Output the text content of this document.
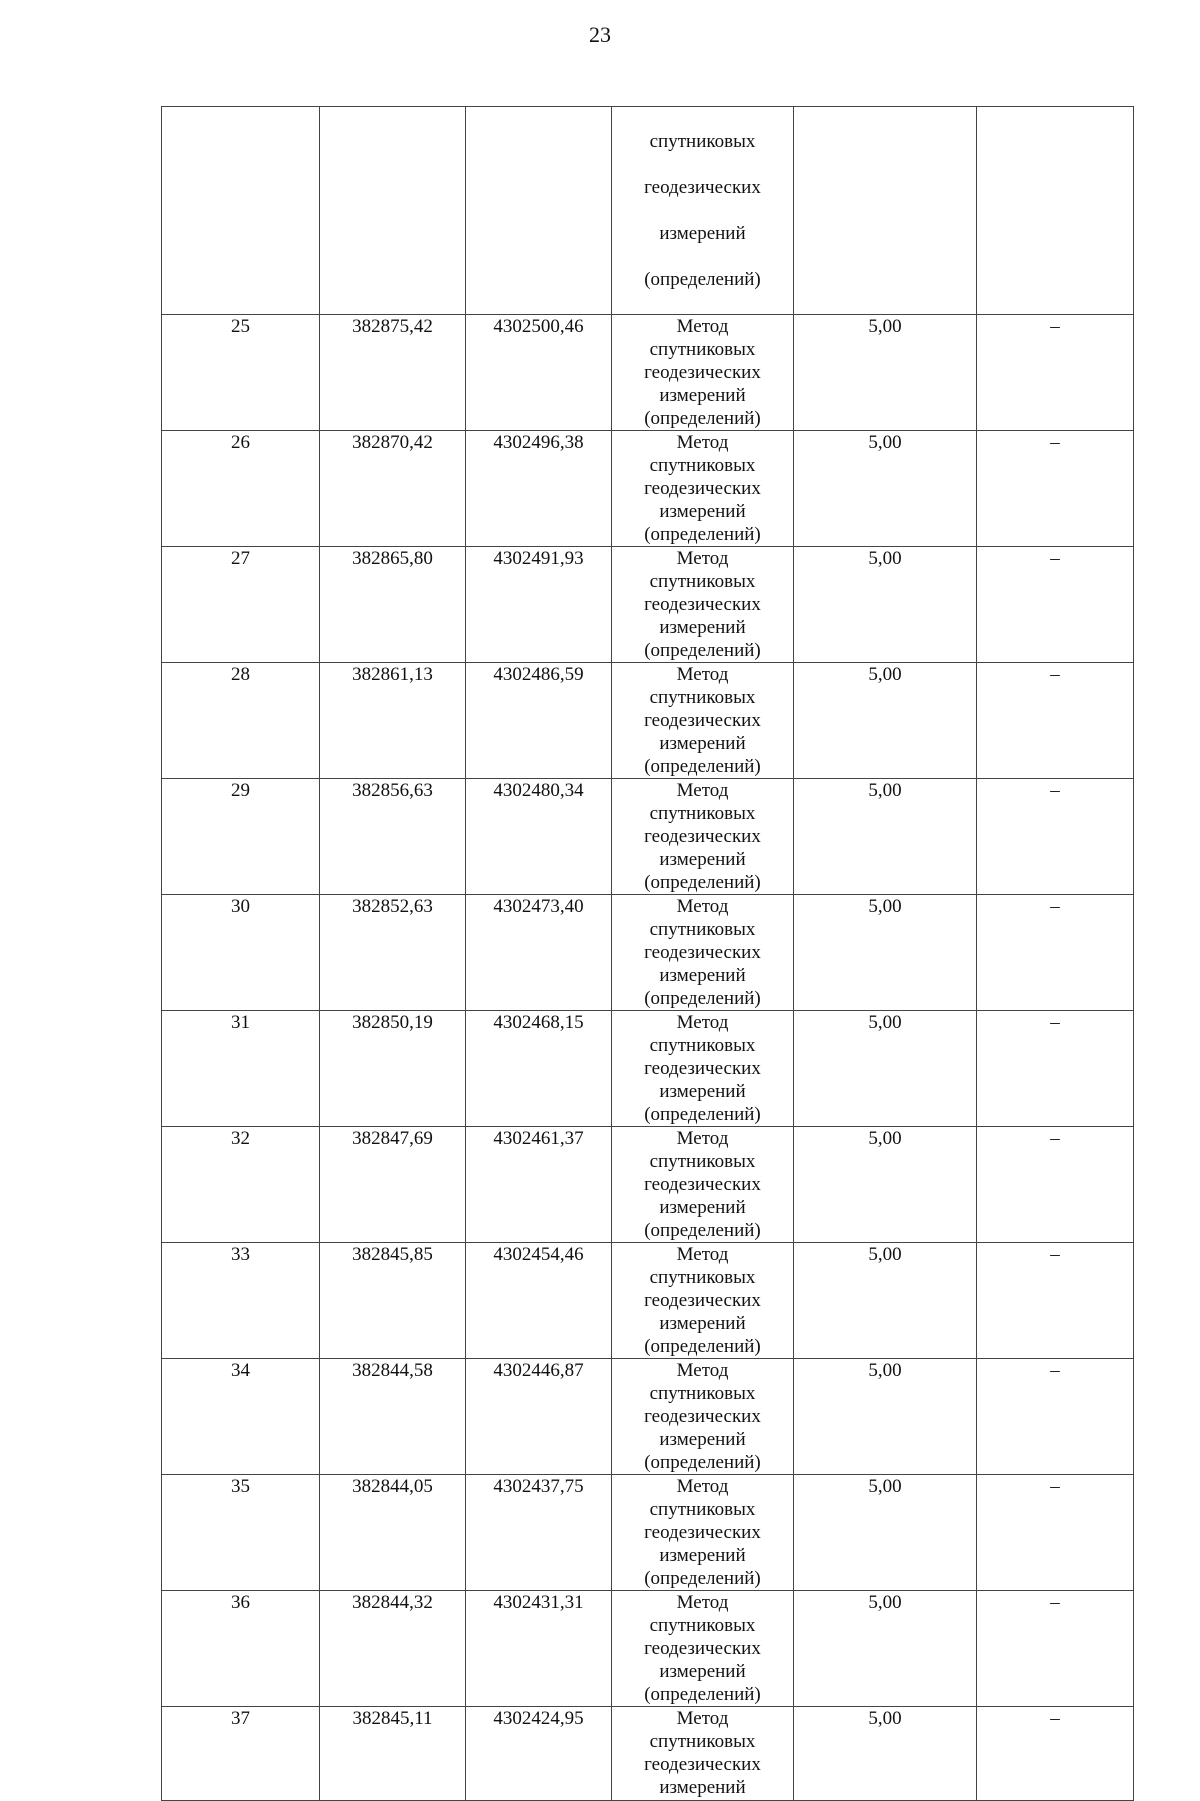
23

			спутниковых

геодезических

измерений

(определений)		

25	382875,42	4302500,46	Метод
спутниковых
геодезических
измерений
(определений)	5,00	–
26	382870,42	4302496,38	Метод
спутниковых
геодезических
измерений
(определений)	5,00	–
27	382865,80	4302491,93	Метод
спутниковых
геодезических
измерений
(определений)	5,00	–
28	382861,13	4302486,59	Метод
спутниковых
геодезических
измерений
(определений)	5,00	–
29	382856,63	4302480,34	Метод
спутниковых
геодезических
измерений
(определений)	5,00	–
30	382852,63	4302473,40	Метод
спутниковых
геодезических
измерений
(определений)	5,00	–
31	382850,19	4302468,15	Метод
спутниковых
геодезических
измерений
(определений)	5,00	–
32	382847,69	4302461,37	Метод
спутниковых
геодезических
измерений
(определений)	5,00	–
33	382845,85	4302454,46	Метод
спутниковых
геодезических
измерений
(определений)	5,00	–
34	382844,58	4302446,87	Метод
спутниковых
геодезических
измерений
(определений)	5,00	–
35	382844,05	4302437,75	Метод
спутниковых
геодезических
измерений
(определений)	5,00	–
36	382844,32	4302431,31	Метод
спутниковых
геодезических
измерений
(определений)	5,00	–
37	382845,11	4302424,95	Метод
спутниковых
геодезических
измерений	5,00	–
